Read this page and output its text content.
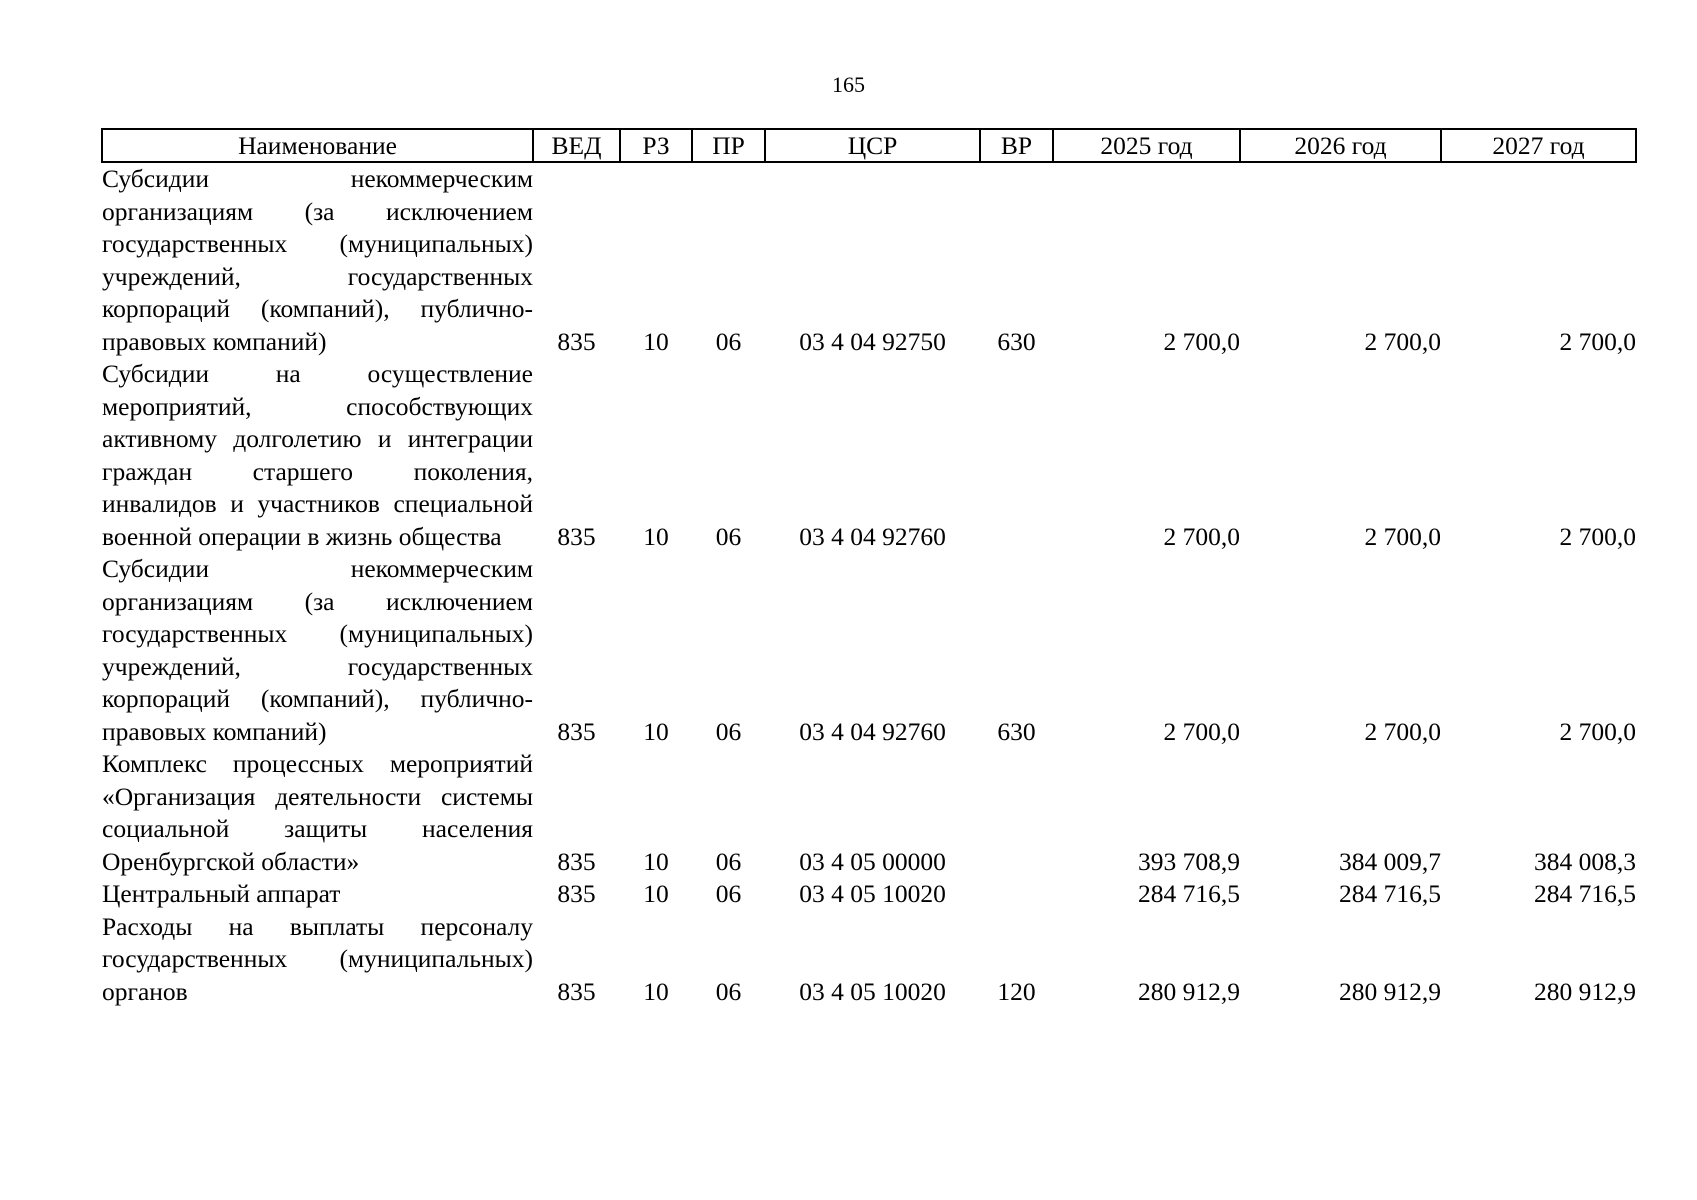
165
Наименование	ВЕД	РЗ	ПР	ЦСР	ВР	2025 год	2026 год	2027 год
Субсидии некоммерческим организациям (за исключением государственных (муниципальных) учреждений, государственных корпораций (компаний), публично-правовых компаний)	835	10	06	03 4 04 92750	630	2 700,0	2 700,0	2 700,0
Субсидии на осуществление мероприятий, способствующих активному долголетию и интеграции граждан старшего поколения, инвалидов и участников специальной военной операции в жизнь общества	835	10	06	03 4 04 92760		2 700,0	2 700,0	2 700,0
Субсидии некоммерческим организациям (за исключением государственных (муниципальных) учреждений, государственных корпораций (компаний), публично-правовых компаний)	835	10	06	03 4 04 92760	630	2 700,0	2 700,0	2 700,0
Комплекс процессных мероприятий «Организация деятельности системы социальной защиты населения Оренбургской области»	835	10	06	03 4 05 00000		393 708,9	384 009,7	384 008,3
Центральный аппарат	835	10	06	03 4 05 10020		284 716,5	284 716,5	284 716,5
Расходы на выплаты персоналу государственных (муниципальных) органов	835	10	06	03 4 05 10020	120	280 912,9	280 912,9	280 912,9
